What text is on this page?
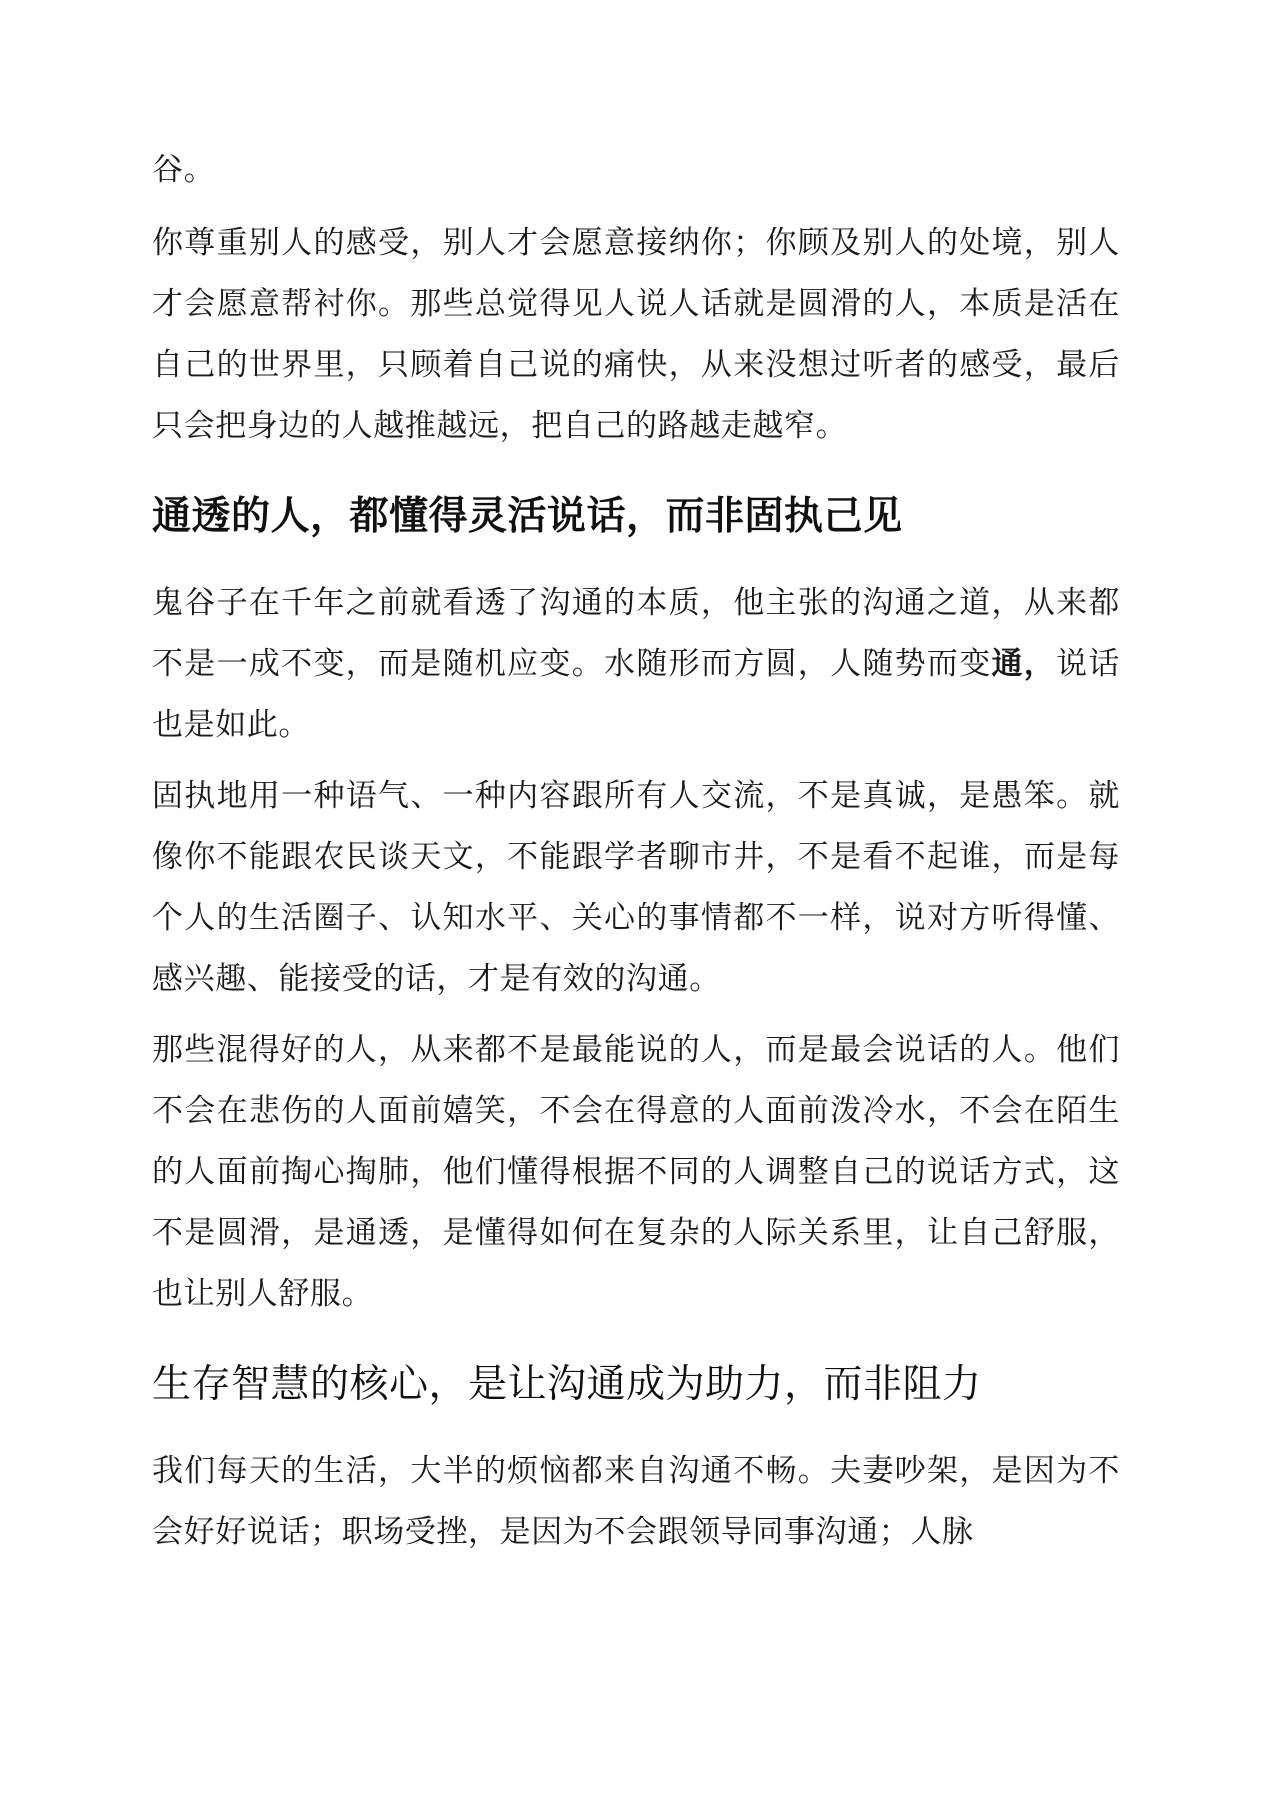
谷。

你尊重别人的感受，别人才会愿意接纳你；你顾及别人的处境，别人才会愿意帮衬你。那些总觉得见人说人话就是圆滑的人，本质是活在自己的世界里，只顾着自己说的痛快，从来没想过听者的感受，最后只会把身边的人越推越远，把自己的路越走越窄。

通透的人，都懂得灵活说话，而非固执己见

鬼谷子在千年之前就看透了沟通的本质，他主张的沟通之道，从来都不是一成不变，而是随机应变。水随形而方圆，人随势而变通，说话也是如此。

固执地用一种语气、一种内容跟所有人交流，不是真诚，是愚笨。就像你不能跟农民谈天文，不能跟学者聊市井，不是看不起谁，而是每个人的生活圈子、认知水平、关心的事情都不一样，说对方听得懂、感兴趣、能接受的话，才是有效的沟通。

那些混得好的人，从来都不是最能说的人，而是最会说话的人。他们不会在悲伤的人面前嬉笑，不会在得意的人面前泼冷水，不会在陌生的人面前掏心掏肺，他们懂得根据不同的人调整自己的说话方式，这不是圆滑，是通透，是懂得如何在复杂的人际关系里，让自己舒服，也让别人舒服。

生存智慧的核心，是让沟通成为助力，而非阻力

我们每天的生活，大半的烦恼都来自沟通不畅。夫妻吵架，是因为不会好好说话；职场受挫，是因为不会跟领导同事沟通；人脉
